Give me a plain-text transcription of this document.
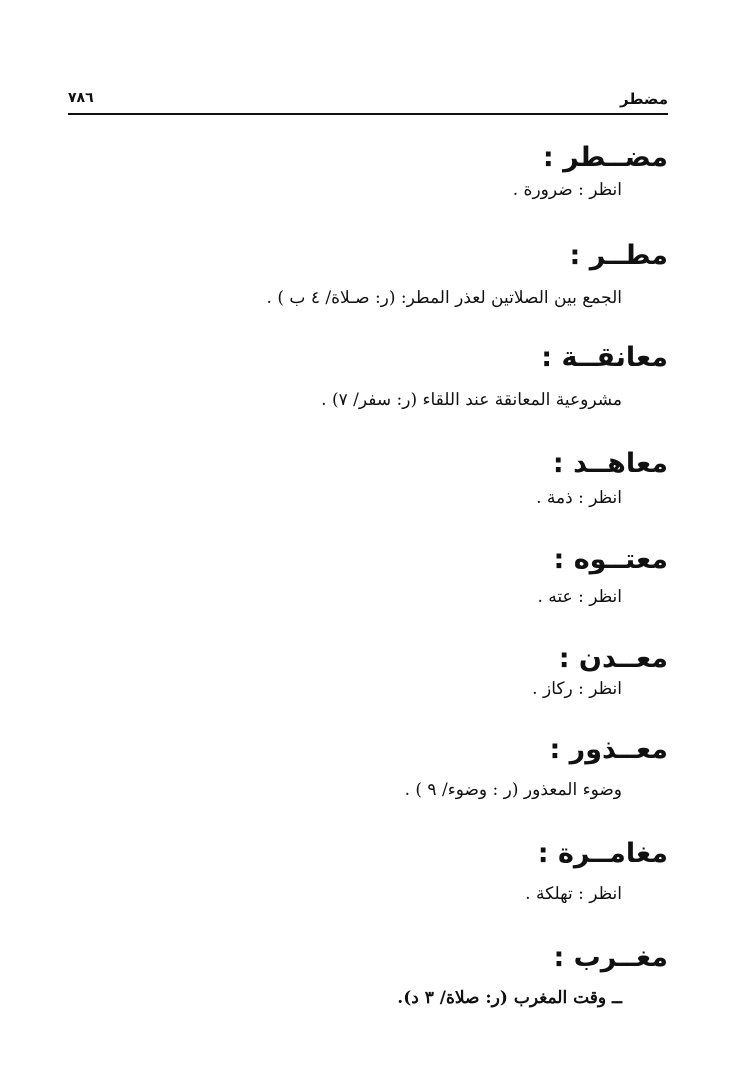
مضطر
٧٨٦
مضــطر :
انظر : ضرورة .
مطــر :
الجمع بين الصلاتين لعذر المطر: (ر: صـلاة/ ٤ ب ) .
معانقــة :
مشروعية المعانقة عند اللقاء (ر: سفر/ ٧) .
معاهــد :
انظر : ذمة .
معتــوه :
انظر : عته .
معــدن :
انظر : ركاز .
معــذور :
وضوء المعذور (ر : وضوء/ ٩ ) .
مغامــرة :
انظر : تهلكة .
مغــرب :
ــ وقت المغرب (ر: صلاة/ ٣ د).
